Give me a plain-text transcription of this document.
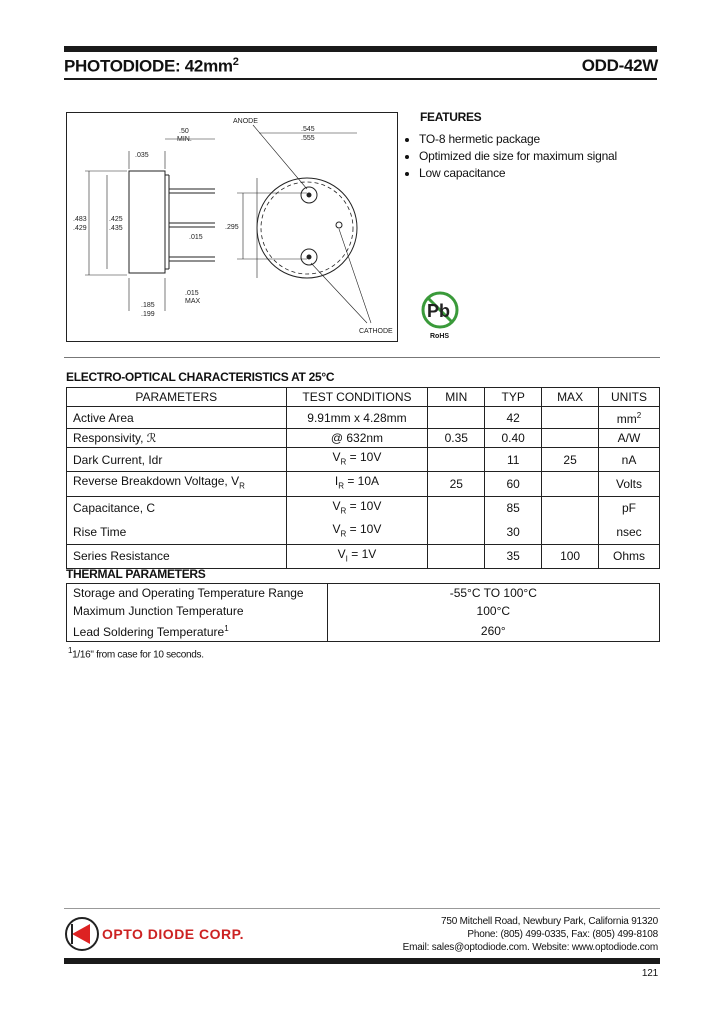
PHOTODIODE: $42mm^2$	ODD-42W
ANODE
CATHODE
.50
MIN.
.035
.545
.555
.483
.429
.425
.435	.295
.015
.015
MAX
.185
.199
FEATURES
• TO-8 hermetic package
• Optimized die size for maximum signal
• Low capacitance
Pb
RoHS
ELECTRO-OPTICAL CHARACTERISTICS AT 25°C
PARAMETERS	TEST CONDITIONS	MIN	TYP	MAX	UNITS
Active Area	9.91mm x 4.28mm		42		$mm^2$
Responsivity, ℛ	@ 632nm	0.35	0.40		A/W
Dark Current, Idr	$V_R = 10V$		11	25	nA
Reverse Breakdown Voltage, $V_R$	$I_R = 10A$	25	60		Volts
Capacitance, C	$V_R = 10V$		85		pF
Rise Time	$V_R = 10V$		30		nsec
Series Resistance	$V_I = 1V$		35	100	Ohms
THERMAL PARAMETERS
Storage and Operating Temperature Range	-55°C TO 100°C
Maximum Junction Temperature	100°C
Lead Soldering Temperature$^1$	260°
$^1$1/16" from case for 10 seconds.
OPTO DIODE CORP.
750 Mitchell Road, Newbury Park, California 91320
Phone: (805) 499-0335, Fax: (805) 499-8108
Email: sales@optodiode.com. Website: www.optodiode.com
121
